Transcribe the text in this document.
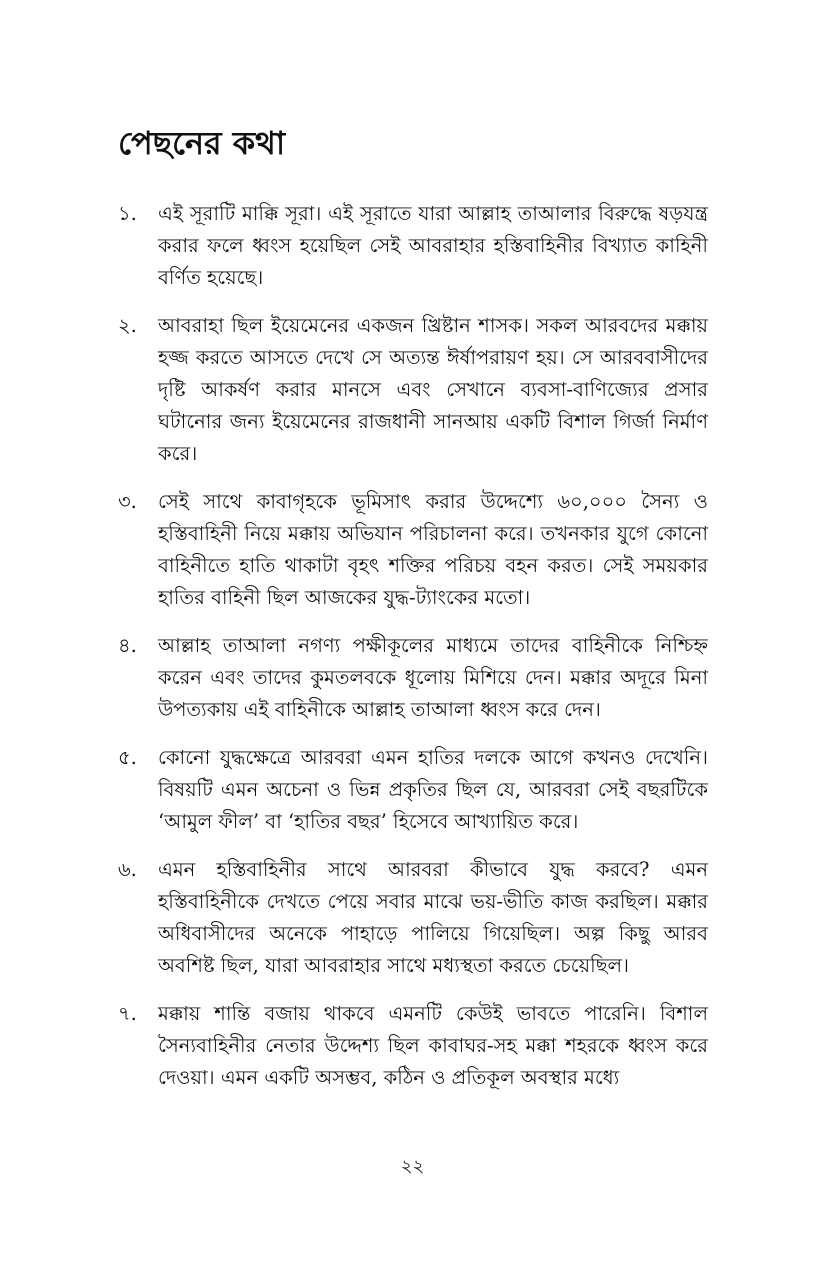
পেছনের কথা
১.	এই সূরাটি মাক্কি সূরা। এই সূরাতে যারা আল্লাহ তাআলার বিরুদ্ধে ষড়যন্ত্র করার ফলে ধ্বংস হয়েছিল সেই আবরাহার হস্তিবাহিনীর বিখ্যাত কাহিনী বর্ণিত হয়েছে।
২.	আবরাহা ছিল ইয়েমেনের একজন খ্রিষ্টান শাসক। সকল আরবদের মক্কায় হজ্জ করতে আসতে দেখে সে অত্যন্ত ঈর্ষাপরায়ণ হয়। সে আরববাসীদের দৃষ্টি আকর্ষণ করার মানসে এবং সেখানে ব্যবসা-বাণিজ্যের প্রসার ঘটানোর জন্য ইয়েমেনের রাজধানী সানআয় একটি বিশাল গির্জা নির্মাণ করে।
৩.	সেই সাথে কাবাগৃহকে ভূমিসাৎ করার উদ্দেশ্যে ৬০,০০০ সৈন্য ও হস্তিবাহিনী নিয়ে মক্কায় অভিযান পরিচালনা করে। তখনকার যুগে কোনো বাহিনীতে হাতি থাকাটা বৃহৎ শক্তির পরিচয় বহন করত। সেই সময়কার হাতির বাহিনী ছিল আজকের যুদ্ধ-ট্যাংকের মতো।
৪.	আল্লাহ তাআলা নগণ্য পক্ষীকূলের মাধ্যমে তাদের বাহিনীকে নিশ্চিহ্ন করেন এবং তাদের কুমতলবকে ধূলোয় মিশিয়ে দেন। মক্কার অদূরে মিনা উপত্যকায় এই বাহিনীকে আল্লাহ তাআলা ধ্বংস করে দেন।
৫.	কোনো যুদ্ধক্ষেত্রে আরবরা এমন হাতির দলকে আগে কখনও দেখেনি। বিষয়টি এমন অচেনা ও ভিন্ন প্রকৃতির ছিল যে, আরবরা সেই বছরটিকে ‘আমুল ফীল’ বা ‘হাতির বছর’ হিসেবে আখ্যায়িত করে।
৬.	এমন হস্তিবাহিনীর সাথে আরবরা কীভাবে যুদ্ধ করবে? এমন হস্তিবাহিনীকে দেখতে পেয়ে সবার মাঝে ভয়-ভীতি কাজ করছিল। মক্কার অধিবাসীদের অনেকে পাহাড়ে পালিয়ে গিয়েছিল। অল্প কিছু আরব অবশিষ্ট ছিল, যারা আবরাহার সাথে মধ্যস্থতা করতে চেয়েছিল।
৭.	মক্কায় শান্তি বজায় থাকবে এমনটি কেউই ভাবতে পারেনি। বিশাল সৈন্যবাহিনীর নেতার উদ্দেশ্য ছিল কাবাঘর-সহ মক্কা শহরকে ধ্বংস করে দেওয়া। এমন একটি অসম্ভব, কঠিন ও প্রতিকূল অবস্থার মধ্যে
২২
